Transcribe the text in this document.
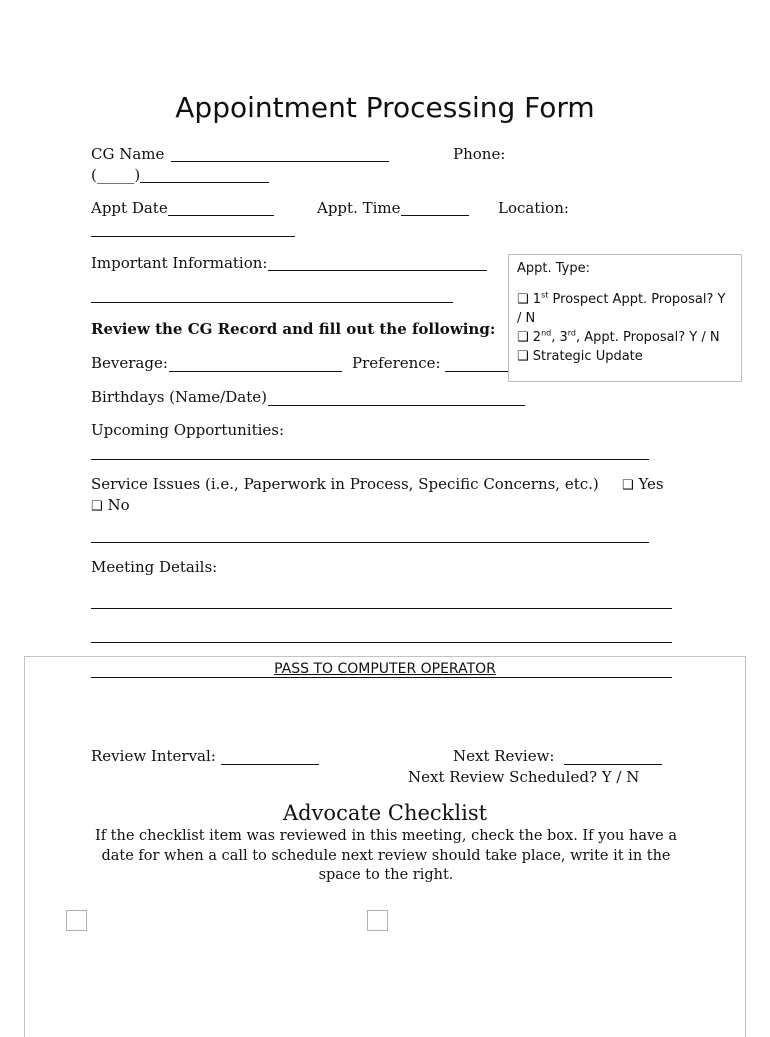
Appointment Processing Form
CG Name	Phone:
(_____)
Appt Date	Appt. Time	Location:
Important Information:
Review the CG Record and fill out the following:
Beverage:	Preference:

Appt. Type:

❑ 1st Prospect Appt. Proposal? Y / N

❑ 2nd, 3rd, Appt. Proposal? Y / N

❑ Strategic Update

Birthdays (Name/Date)
Upcoming Opportunities:
Service Issues (i.e., Paperwork in Process, Specific Concerns, etc.) ❑ Yes
❑ No
Meeting Details:
PASS TO COMPUTER OPERATOR
Review Interval:	Next Review:
Next Review Scheduled? Y / N
Advocate Checklist
If the checklist item was reviewed in this meeting, check the box. If you have a date for when a call to schedule next review should take place, write it in the space to the right.
